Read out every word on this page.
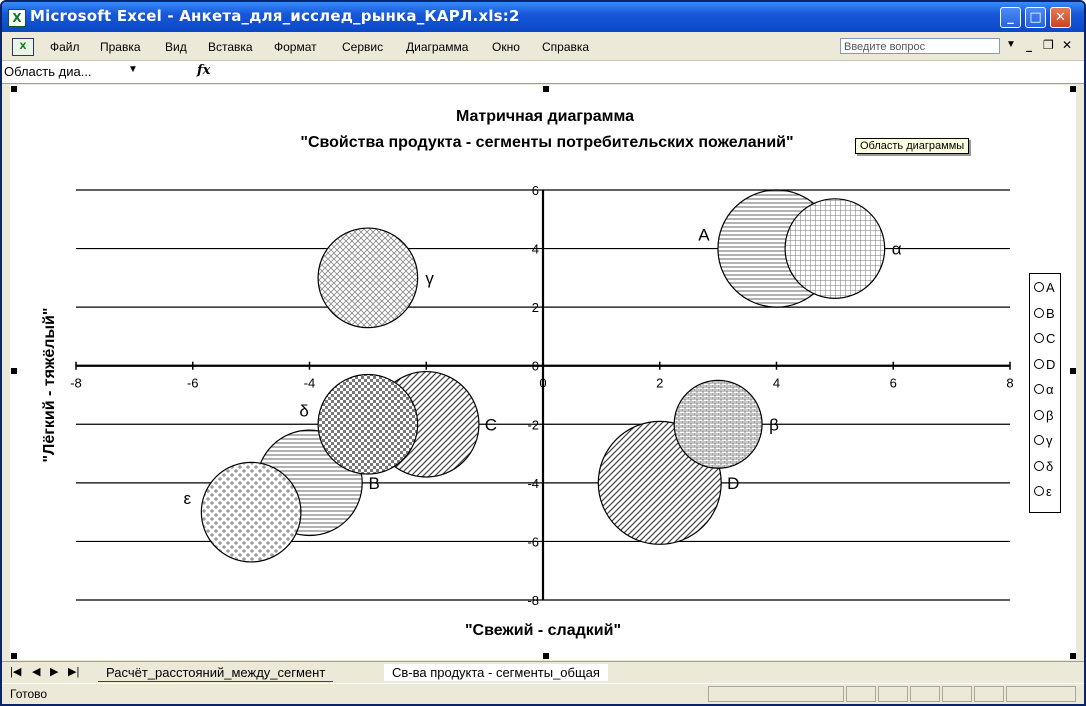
X Microsoft Excel - Анкета_для_исслед_рынка_КАРЛ.xls:2	_	□	✕
X	Файл Правка Вид Вставка Формат Сервис Диаграмма Окно Справка	Введите вопрос	▼ _ ❐ ✕
Область диа...	▼	fx
-8	-6	-4	0	2	4	6	8
6
4
2
0
-2
-4
-6
-8
A
B
C
D
α
β
γ
δ
ε
Матричная диаграмма
"Свойства продукта - сегменты потребительских пожеланий"
"Свежий - сладкий"
"Лёгкий - тяжёлый"
Область диаграммы
A
B
C
D
α
β
γ
δ
ε
|◀ ◀ ▶ ▶|	Расчёт_расстояний_между_сегмент	Св-ва продукта - сегменты_общая
Готово
